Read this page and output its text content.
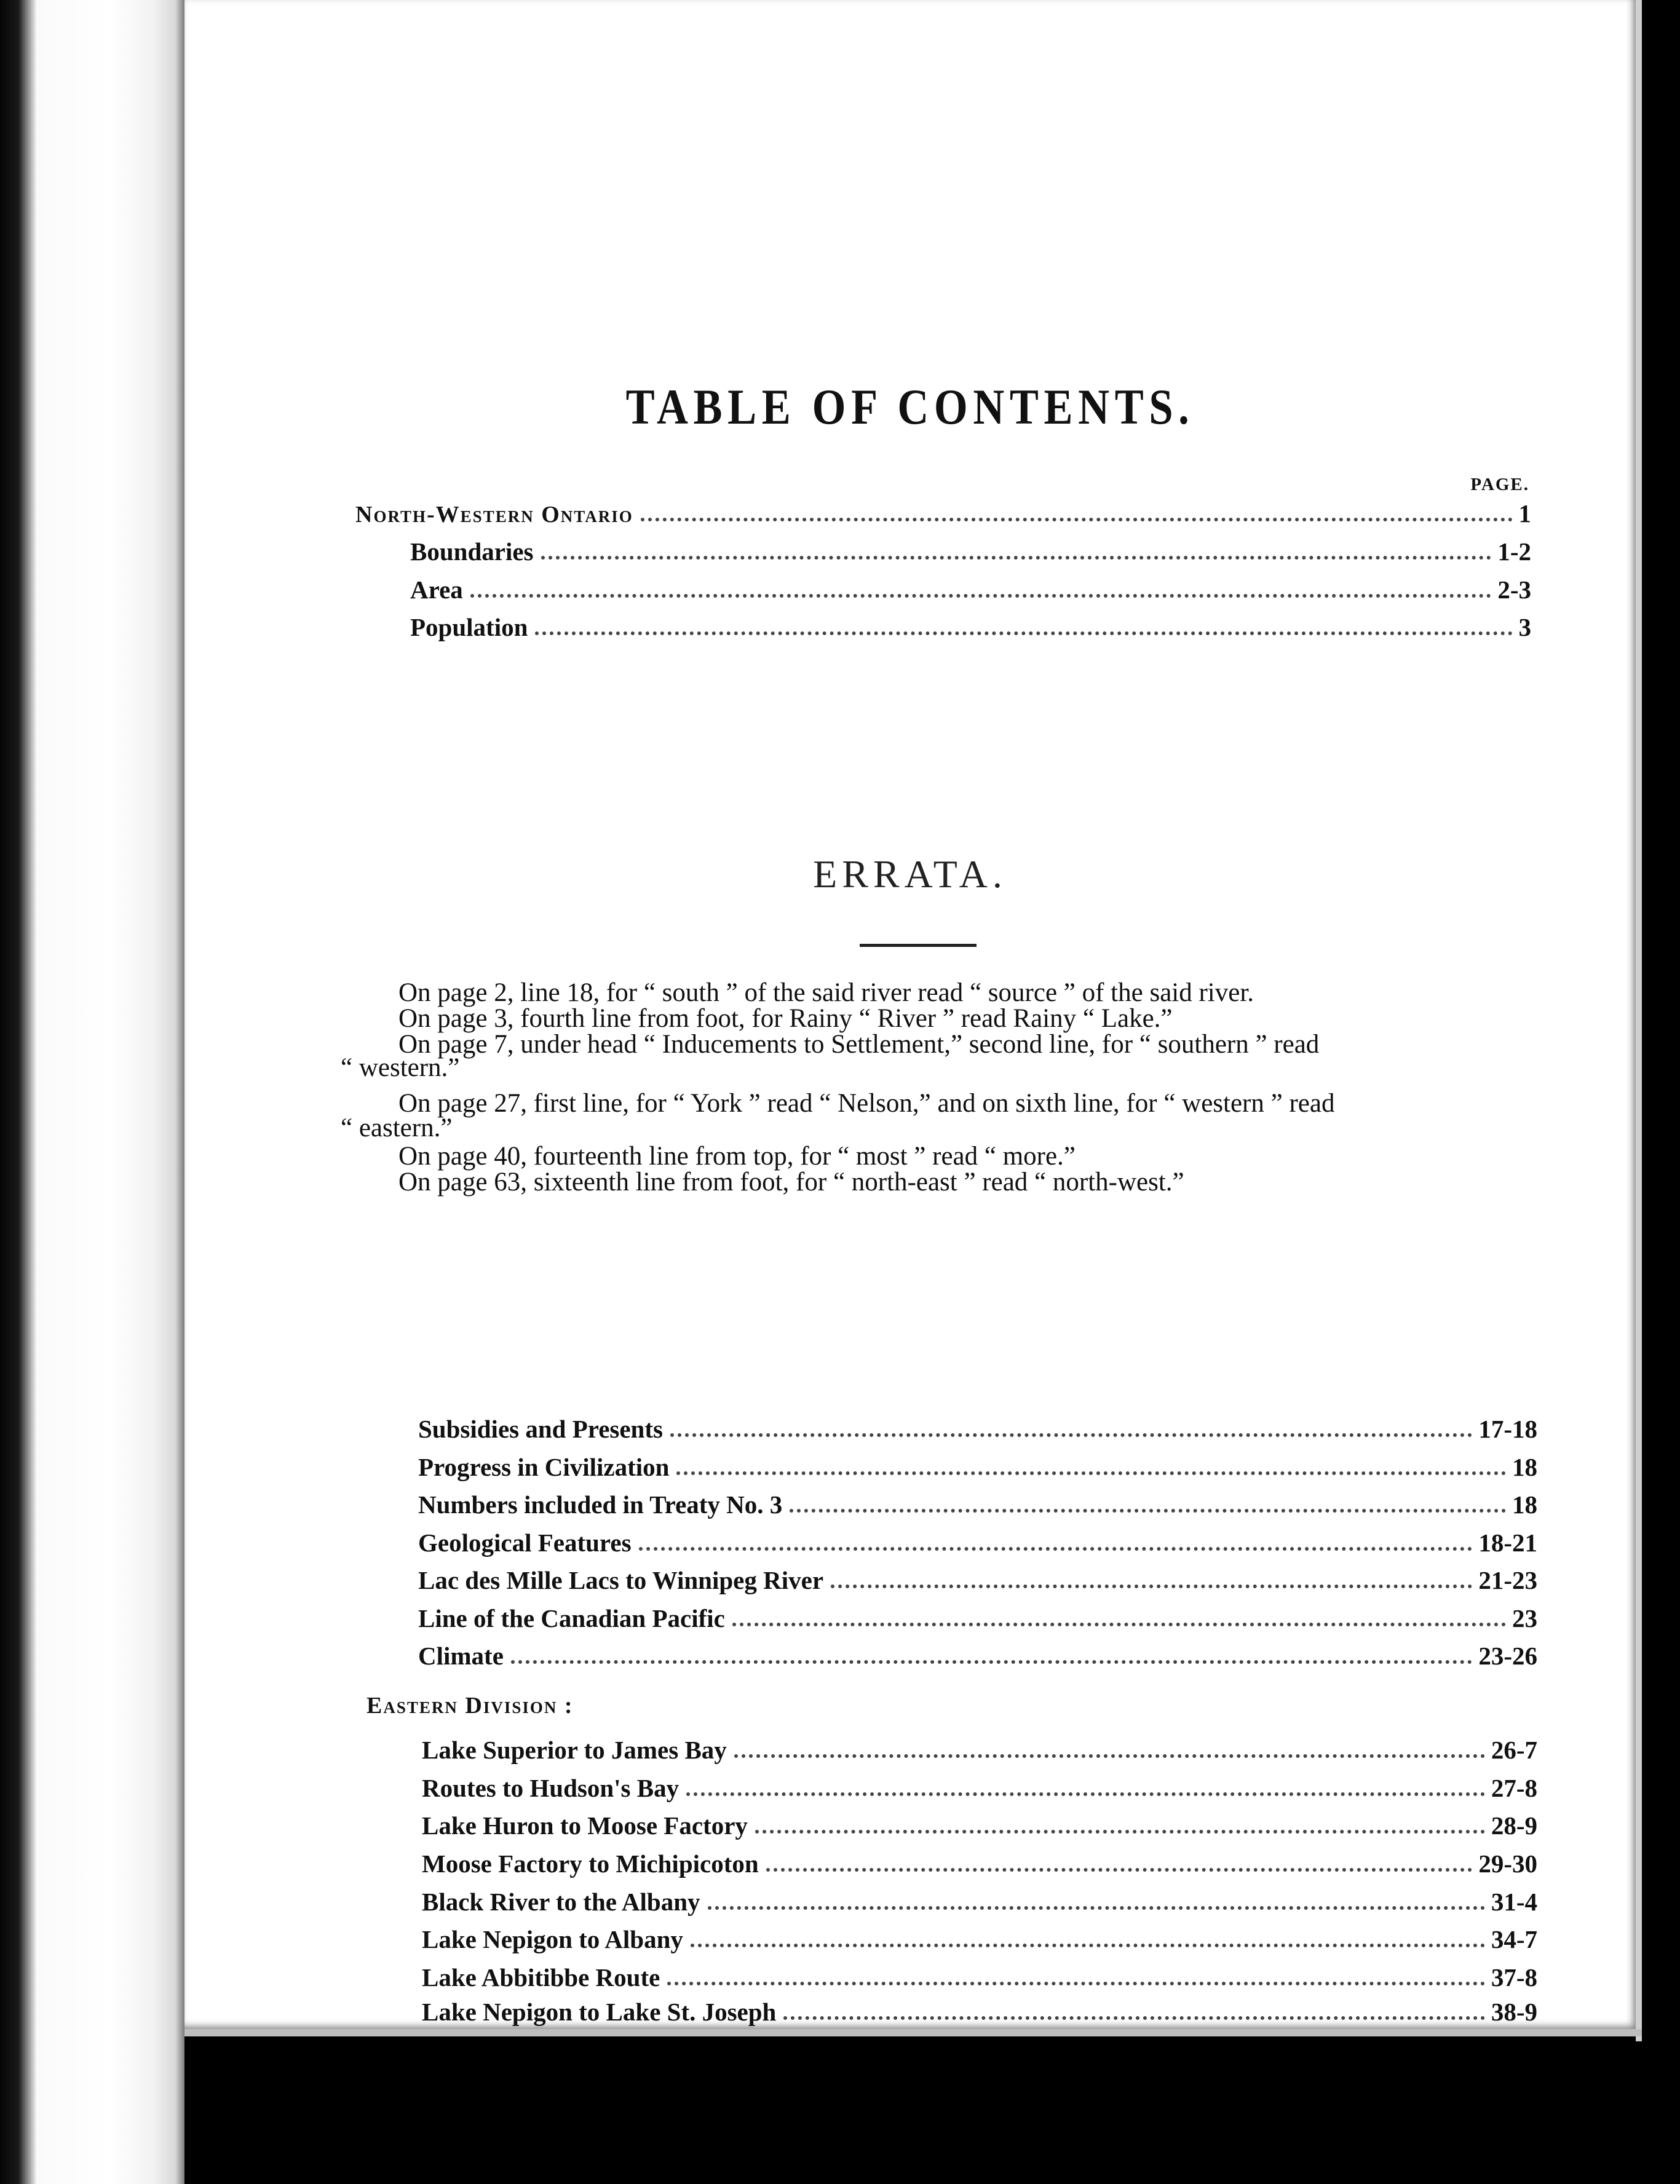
TABLE OF CONTENTS.
PAGE.
North-Western Ontario	1
Boundaries	1-2
Area	2-3
Population	3
ERRATA.
On page 2, line 18, for “ south ” of the said river read “ source ” of the said river.
On page 3, fourth line from foot, for Rainy “ River ” read Rainy “ Lake.”
On page 7, under head “ Inducements to Settlement,” second line, for “ southern ” read
“ western.”
On page 27, first line, for “ York ” read “ Nelson,” and on sixth line, for “ western ” read
“ eastern.”
On page 40, fourteenth line from top, for “ most ” read “ more.”
On page 63, sixteenth line from foot, for “ north-east ” read “ north-west.”
Subsidies and Presents	17-18
Progress in Civilization	18
Numbers included in Treaty No. 3	18
Geological Features	18-21
Lac des Mille Lacs to Winnipeg River	21-23
Line of the Canadian Pacific	23
Climate	23-26
Eastern Division :
Lake Superior to James Bay	26-7
Routes to Hudson's Bay	27-8
Lake Huron to Moose Factory	28-9
Moose Factory to Michipicoton	29-30
Black River to the Albany	31-4
Lake Nepigon to Albany	34-7
Lake Abbitibbe Route	37-8
Lake Nepigon to Lake St. Joseph	38-9
